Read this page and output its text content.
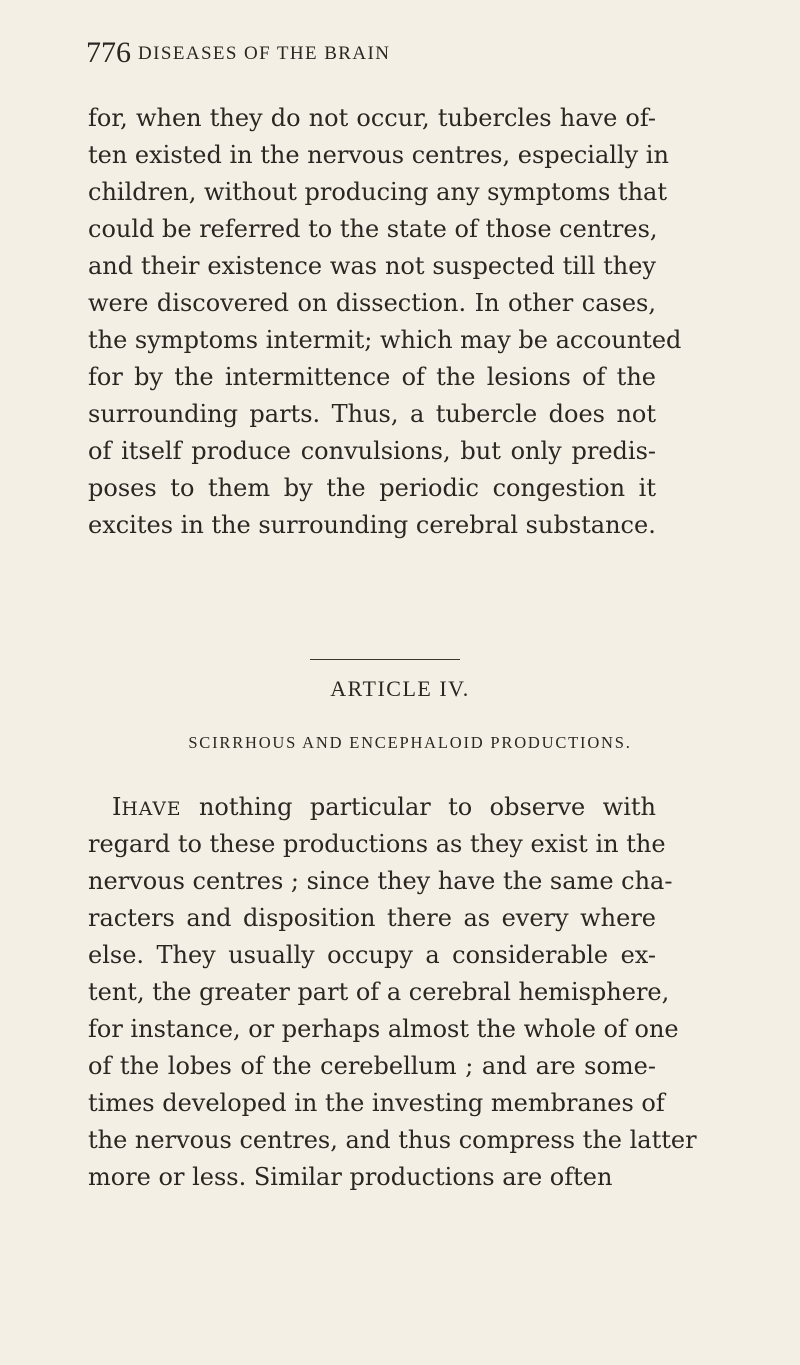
776 DISEASES OF THE BRAIN
for, when they do not occur, tubercles have of-
ten existed in the nervous centres, especially in
children, without producing any symptoms that
could be referred to the state of those centres,
and their existence was not suspected till they
were discovered on dissection. In other cases,
the symptoms intermit; which may be accounted
for by the intermittence of the lesions of the
surrounding parts. Thus, a tubercle does not
of itself produce convulsions, but only predis-
poses to them by the periodic congestion it
excites in the surrounding cerebral substance.
ARTICLE IV.
SCIRRHOUS AND ENCEPHALOID PRODUCTIONS.
IHAVE nothing particular to observe with
regard to these productions as they exist in the
nervous centres ; since they have the same cha-
racters and disposition there as every where
else. They usually occupy a considerable ex-
tent, the greater part of a cerebral hemisphere,
for instance, or perhaps almost the whole of one
of the lobes of the cerebellum ; and are some-
times developed in the investing membranes of
the nervous centres, and thus compress the latter
more or less. Similar productions are often
